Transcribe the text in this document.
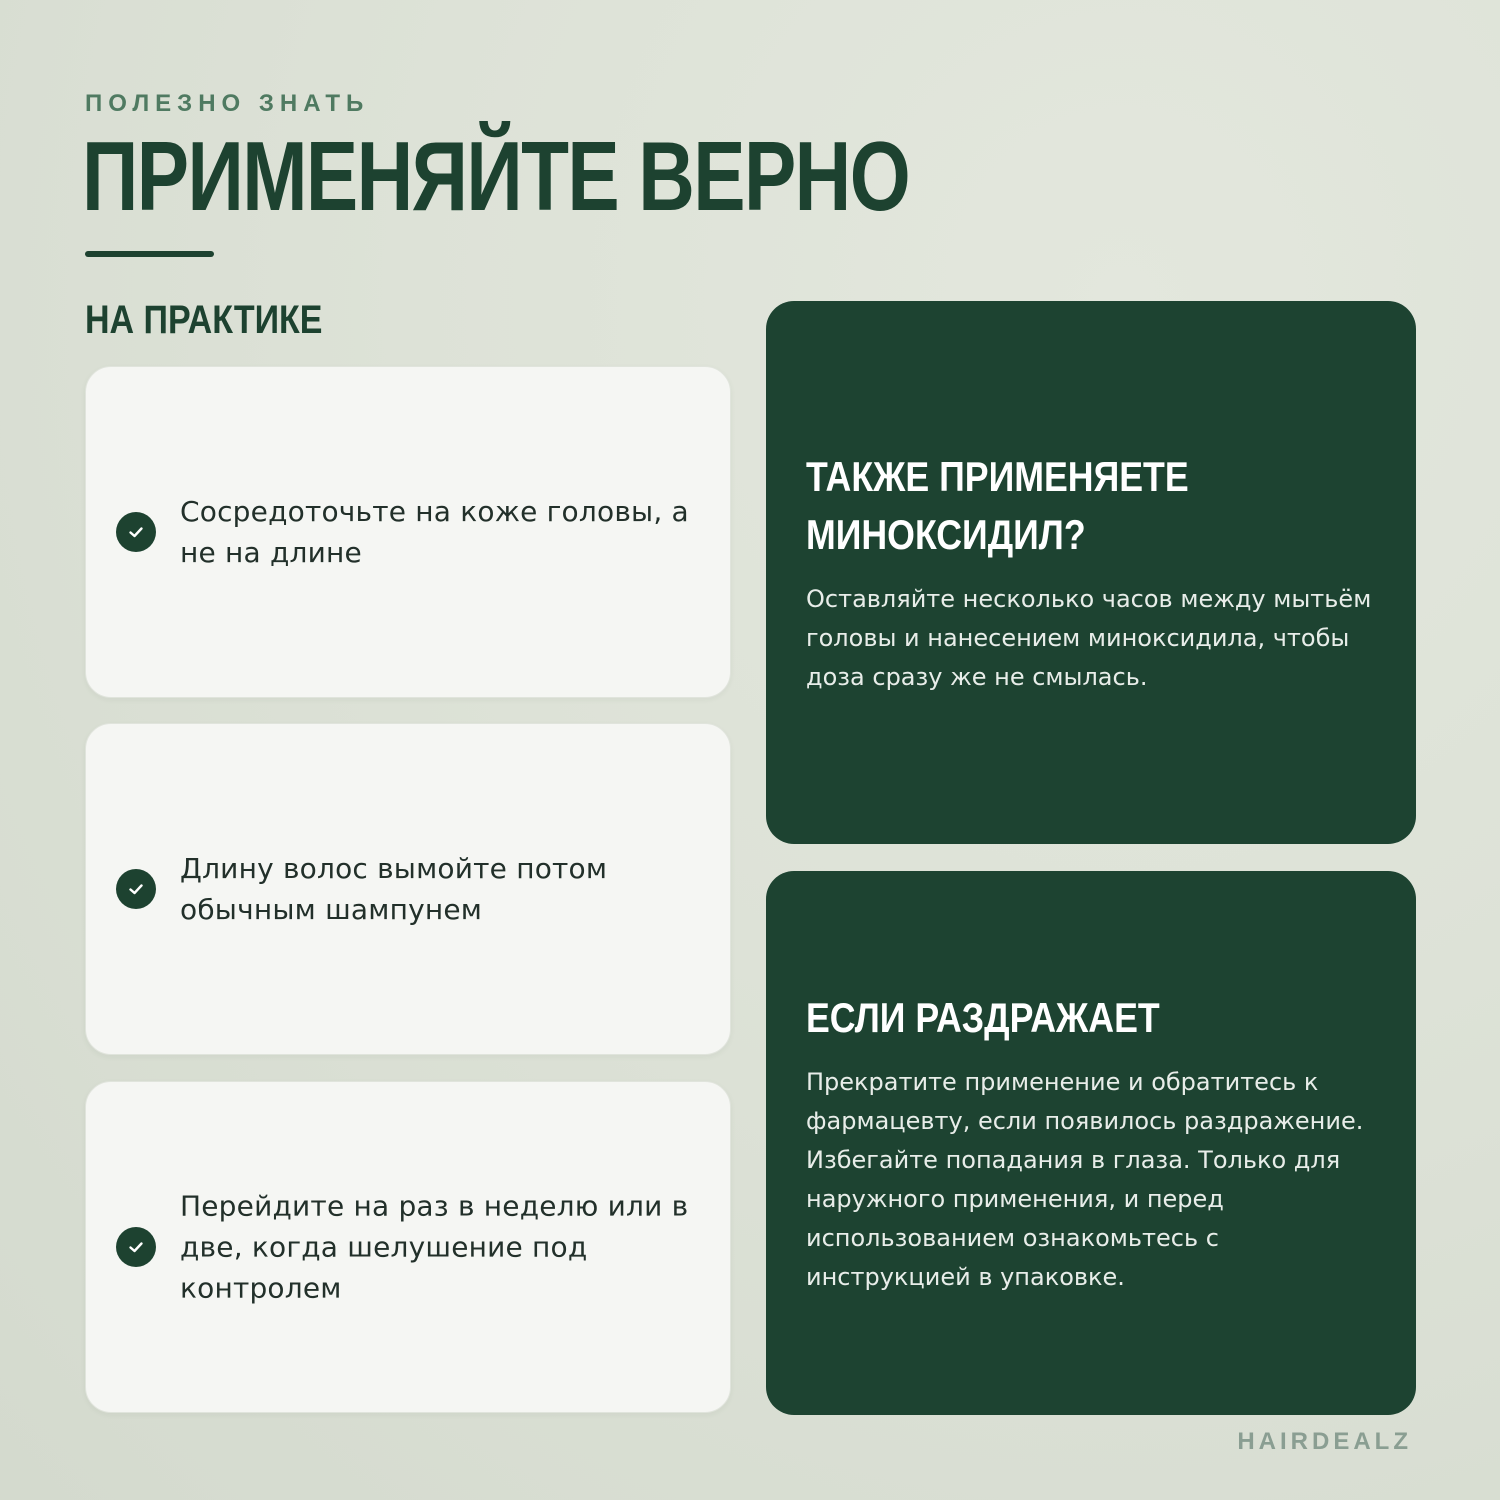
ПОЛЕЗНО ЗНАТЬ
ПРИМЕНЯЙТЕ ВЕРНО
НА ПРАКТИКЕ
Сосредоточьте на коже головы, а не на длине
Длину волос вымойте потом обычным шампунем
Перейдите на раз в неделю или в две, когда шелушение под контролем
ТАКЖЕ ПРИМЕНЯЕТЕ МИНОКСИДИЛ?

Оставляйте несколько часов между мытьём головы и нанесением миноксидила, чтобы доза сразу же не смылась.

ЕСЛИ РАЗДРАЖАЕТ

Прекратите применение и обратитесь к фармацевту, если появилось раздражение. Избегайте попадания в глаза. Только для наружного применения, и перед использованием ознакомьтесь с инструкцией в упаковке.

HAIRDEALZ
